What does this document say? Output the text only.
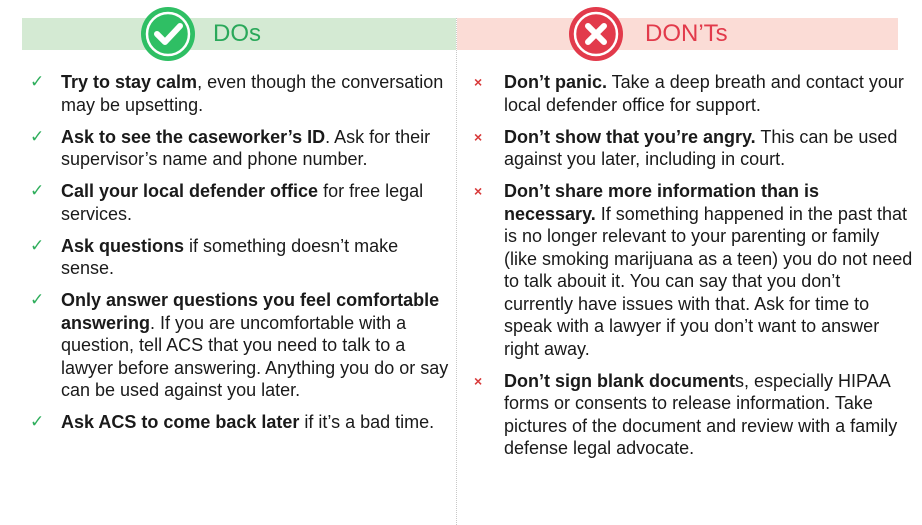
DOs
✓ Try to stay calm, even though the conversation may be upsetting.
✓ Ask to see the caseworker’s ID. Ask for their supervisor’s name and phone number.
✓ Call your local defender office for free legal services.
✓ Ask questions if something doesn’t make sense.
✓ Only answer questions you feel comfortable answering. If you are uncomfortable with a question, tell ACS that you need to talk to a lawyer before answering. Anything you do or say can be used against you later.
✓ Ask ACS to come back later if it’s a bad time.
DON’Ts
× Don’t panic. Take a deep breath and contact your local defender office for support.
× Don’t show that you’re angry. This can be used against you later, including in court.
× Don’t share more information than is necessary. If something happened in the past that is no longer relevant to your parenting or family (like smoking marijuana as a teen) you do not need to talk abouit it. You can say that you don’t currently have issues with that. Ask for time to speak with a lawyer if you don’t want to answer right away.
× Don’t sign blank documents, especially HIPAA forms or consents to release information. Take pictures of the document and review with a family defense legal advocate.
